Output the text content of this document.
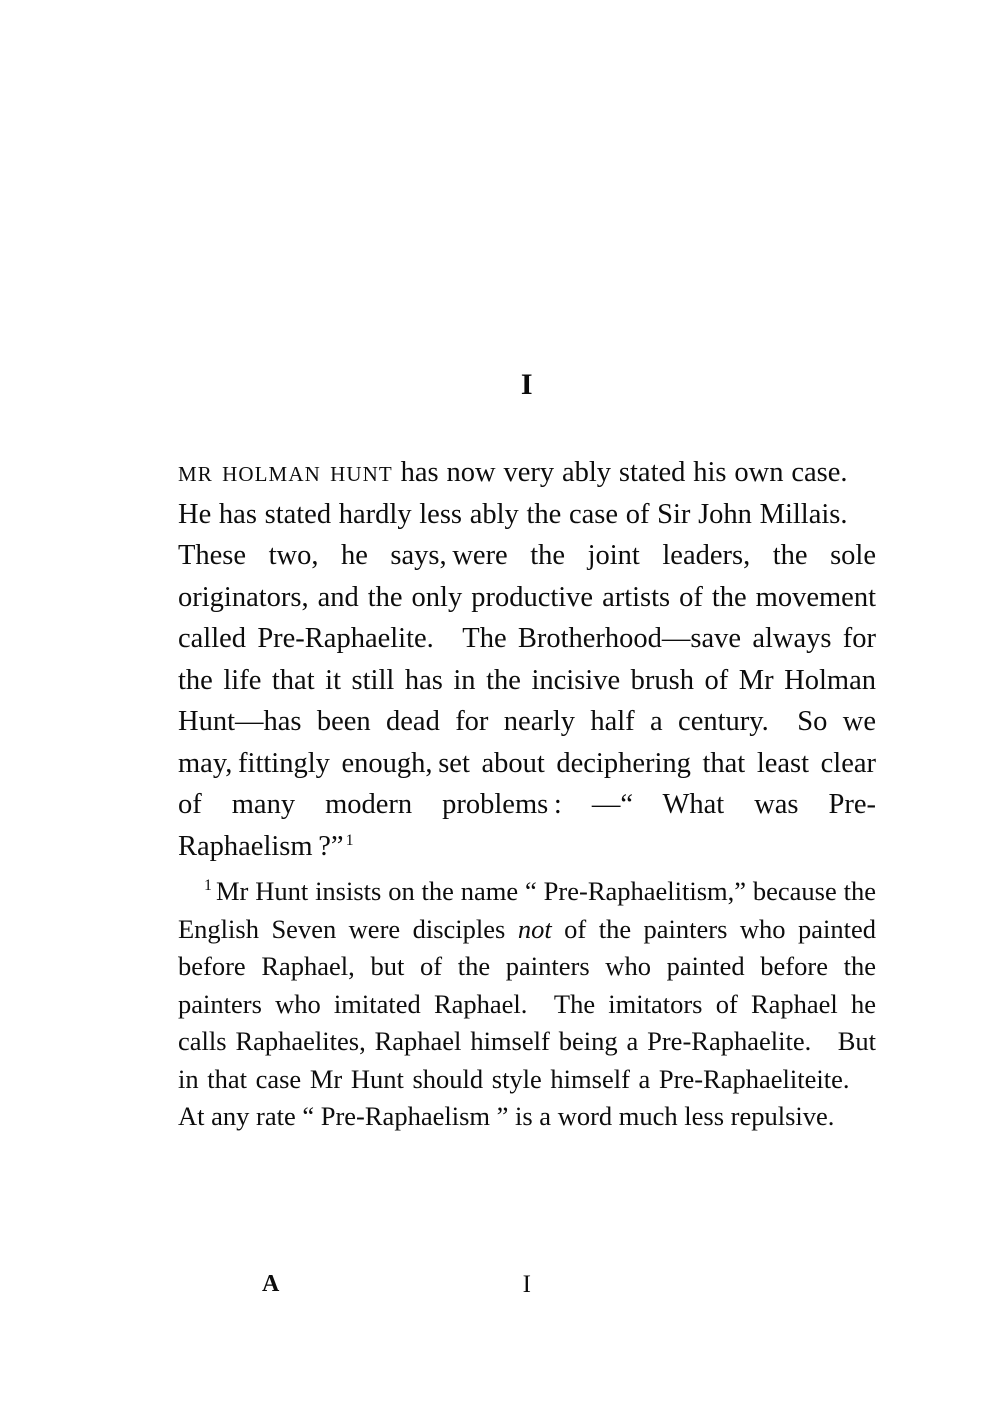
I

mr holman hunt has now very ably stated his own case. He has stated hardly less ably the case of Sir John Millais. These two, he says, were the joint leaders, the sole originators, and the only productive artists of the movement called Pre-Raphaelite. The Brotherhood—save always for the life that it still has in the incisive brush of Mr Holman Hunt—has been dead for nearly half a century. So we may, fittingly enough, set about deciphering that least clear of many modern problems : —“ What was Pre-Raphaelism ?” $^1$

$^1$ Mr Hunt insists on the name “ Pre-Raphaelitism,” because the English Seven were disciples not of the painters who painted before Raphael, but of the painters who painted before the painters who imitated Raphael. The imitators of Raphael he calls Raphaelites, Raphael himself being a Pre-Raphaelite. But in that case Mr Hunt should style himself a Pre-Raphaeliteite. At any rate “ Pre-Raphaelism ” is a word much less repulsive.

A	I
